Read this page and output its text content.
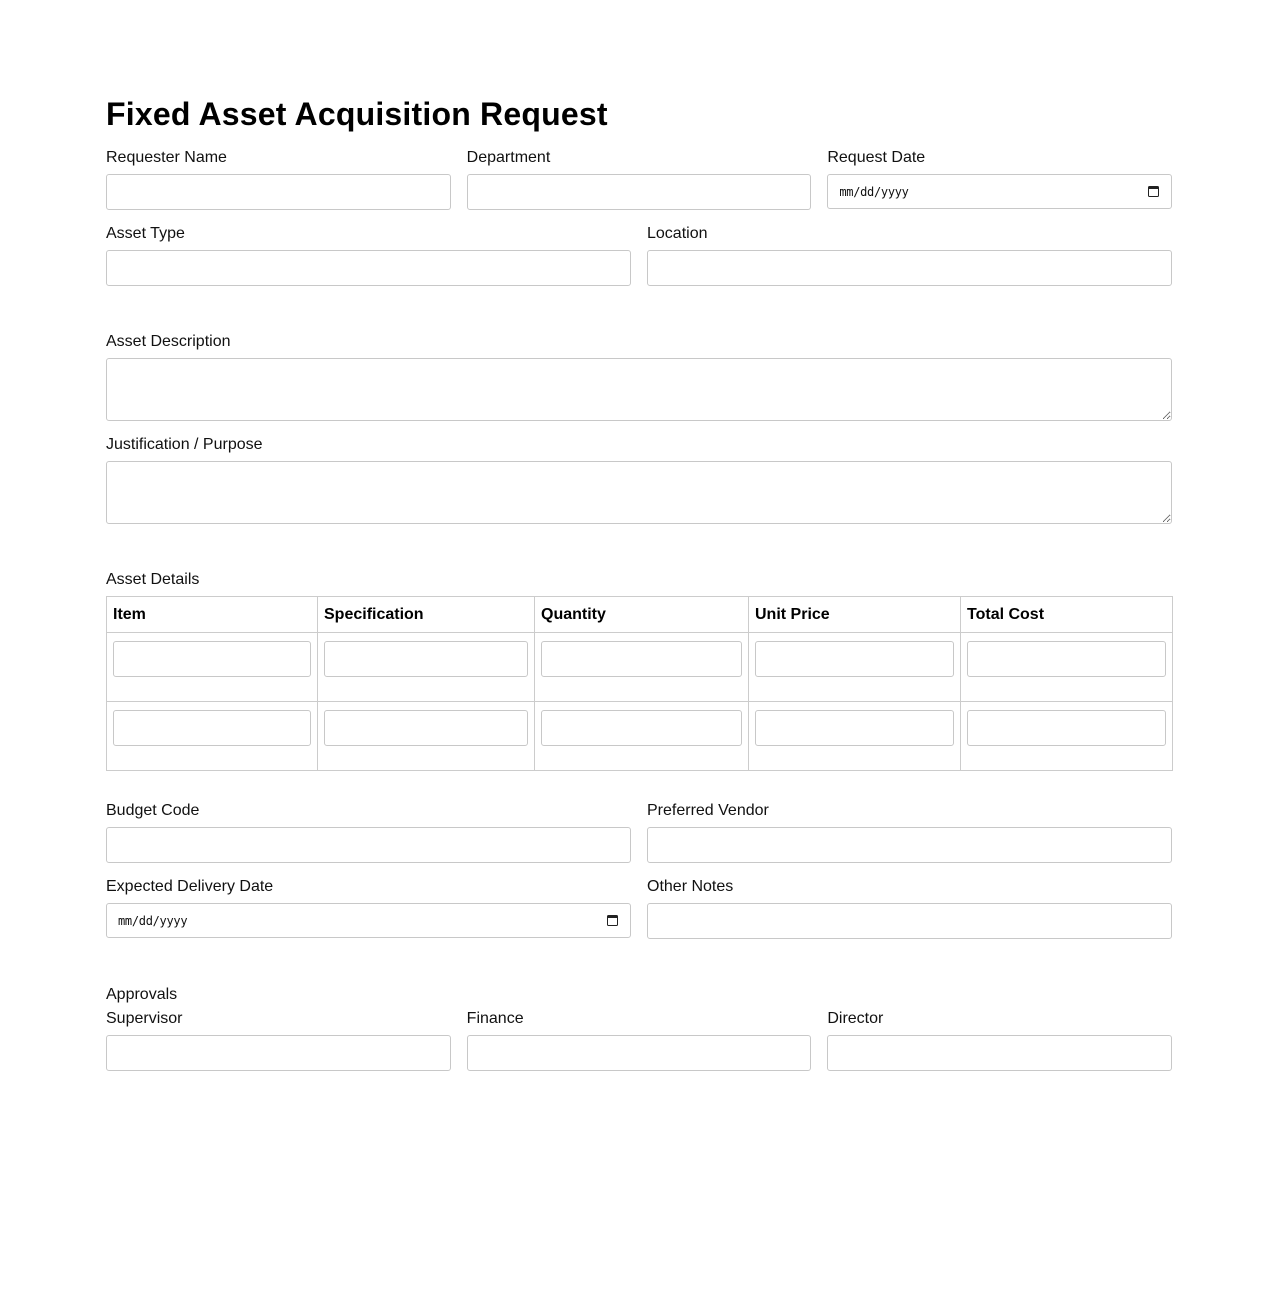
Fixed Asset Acquisition Request
Requester Name	Department	Request Date
mm/dd/yyyy
Asset Type	Location
Asset Description
Justification / Purpose
Asset Details
Item	Specification	Quantity	Unit Price	Total Cost

Budget Code	Preferred Vendor
Expected Delivery Date
mm/dd/yyyy
Other Notes
Approvals
Supervisor	Finance	Director
